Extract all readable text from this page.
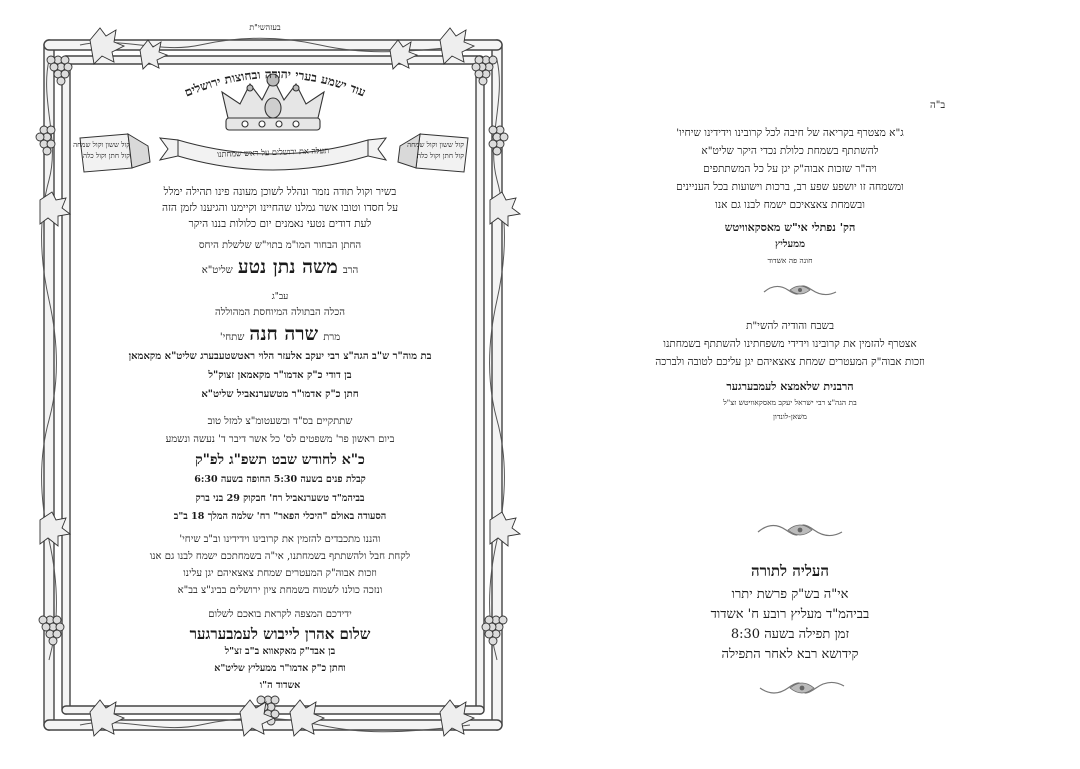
בעזהשי"ת
עוד ישמע בערי יהודה ובחוצות ירושלים
תעלה את ירושלים על ראש שמחתנו
קול ששון וקול שמחה
קול חתן וקול כלה
קול ששון וקול שמחה
קול חתן וקול כלה
בשיר וקול תודה נזמר ונהלל לשוכן מעונה פינו תהילה ימלל
על חסדו וטובו אשר גמלנו שהחיינו וקיימנו והגיענו לזמן הזה
לעת דודים נטעי נאמנים יום כלולות בננו היקר
החתן הבחור המו"מ בתוי"ש שלשלת היחס
הרב משה נתן נטע שליט"א
עב"ג
הכלה הבתולה המיוחסת המהוללה
מרת שרה חנה שתחי'
בת מוה"ר ש"ב הגה"צ רבי יעקב אלעזר הלוי ראטשטעבערג שליט"א מקאמאן
בן דודי כ"ק אדמו"ר מקאמאן זצוק"ל
חתן כ"ק אדמו"ר מטשערנאביל שליט"א
שתתקיים בס"ד ובשעטומ"צ למזל טוב
ביום ראשון פר' משפטים לס' כל אשר דיבר ד' נעשה ונשמע
כ"א לחודש שבט תשפ"ג לפ"ק
קבלת פנים בשעה 5:30 החופה בשעה 6:30
בביהמ"ד טשערנאביל רח' חבקוק 29 בני ברק
הסעודה באולם "היכלי הפאר" רח' שלמה המלך 18 ב"ב
והננו מתכבדים להזמין את קרובינו וידידינו וב"ב שיחי'
לקחת חבל ולהשתתף בשמחתנו, אי"ה בשמחתכם ישמח לבנו גם אנו
וזכות אבוה"ק המעטרים שמחת צאצאיהם יגן עלינו
ונזכה כולנו לשמוח בשמחת ציון ירושלים בביג"צ בב"א
ידידכם המצפה לקראת בואכם לשלום
שלום אהרן לייבוש לעמבערגער
בן אבד"ק מאקאווא ב"ב זצ"ל
וחתן כ"ק אדמו"ר ממעליץ שליט"א
אשדוד ה"ו
ב"ה
ג"א מצטרף בקריאה של חיבה לכל קרובינו וידידינו שיחיו'
להשתתף בשמחת כלולת נכדי היקר שליט"א
ויה"ר שזכות אבוה"ק יגן על כל המשתתפים
ומשמחה זו יושפע שפע רב, ברכות וישועות בכל העניינים
ובשמחת צאצאיכם ישמח לבנו גם אנו
הק' נפתלי אי"ש מאסקאוויטש
ממעליץ
חונה פה אשדוד
בשבח והודיה להשי"ת
אצטרף להזמין את קרובינו וידידי משפחתינו להשתתף בשמחתנו
וזכות אבוה"ק המעטרים שמחת צאצאיהם יגן עליכם לטובה ולברכה
הרבנית שלאמצא לעמבערגער
בת הגה"צ רבי ישראל יעקב מאסקאוויטש זצ"ל
משאן-לונדון
העליה לתורה
אי"ה בש"ק פרשת יתרו
בביהמ"ד מעליץ רובע ח' אשדוד
זמן תפילה בשעה 8:30
קידושא רבא לאחר התפילה
